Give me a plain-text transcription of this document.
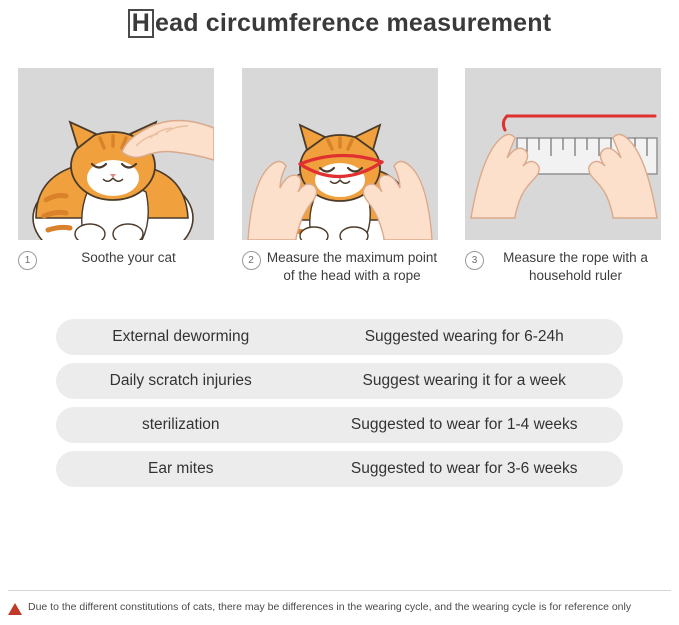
H ead circumference measurement
1	Soothe your cat	2 Measure the maximum point of the head with a rope
3	Measure the rope with a household ruler
External deworming	Suggested wearing for 6-24h
Daily scratch injuries	Suggest wearing it for a week
sterilization	Suggested to wear for 1-4 weeks
Ear mites	Suggested to wear for 3-6 weeks
Due to the different constitutions of cats, there may be differences in the wearing cycle, and the wearing cycle is for reference only
